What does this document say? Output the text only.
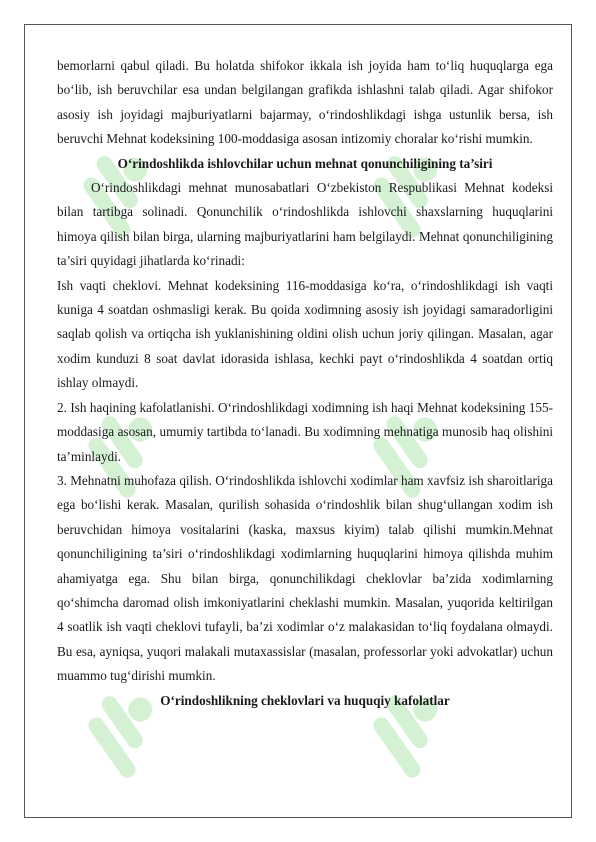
bemorlarni qabul qiladi. Bu holatda shifokor ikkala ish joyida ham to‘liq huquqlarga ega bo‘lib, ish beruvchilar esa undan belgilangan grafikda ishlashni talab qiladi. Agar shifokor asosiy ish joyidagi majburiyatlarni bajarmay, o‘rindoshlikdagi ishga ustunlik bersa, ish beruvchi Mehnat kodeksining 100-moddasiga asosan intizomiy choralar ko‘rishi mumkin.

O‘rindoshlikda ishlovchilar uchun mehnat qonunchiligining ta’siri

O‘rindoshlikdagi mehnat munosabatlari O‘zbekiston Respublikasi Mehnat kodeksi bilan tartibga solinadi. Qonunchilik o‘rindoshlikda ishlovchi shaxslarning huquqlarini himoya qilish bilan birga, ularning majburiyatlarini ham belgilaydi. Mehnat qonunchiligining ta’siri quyidagi jihatlarda ko‘rinadi:

Ish vaqti cheklovi. Mehnat kodeksining 116-moddasiga ko‘ra, o‘rindoshlikdagi ish vaqti kuniga 4 soatdan oshmasligi kerak. Bu qoida xodimning asosiy ish joyidagi samaradorligini saqlab qolish va ortiqcha ish yuklanishining oldini olish uchun joriy qilingan. Masalan, agar xodim kunduzi 8 soat davlat idorasida ishlasa, kechki payt o‘rindoshlikda 4 soatdan ortiq ishlay olmaydi.

2. Ish haqining kafolatlanishi. O‘rindoshlikdagi xodimning ish haqi Mehnat kodeksining 155-moddasiga asosan, umumiy tartibda to‘lanadi. Bu xodimning mehnatiga munosib haq olishini ta’minlaydi.

3. Mehnatni muhofaza qilish. O‘rindoshlikda ishlovchi xodimlar ham xavfsiz ish sharoitlariga ega bo‘lishi kerak. Masalan, qurilish sohasida o‘rindoshlik bilan shug‘ullangan xodim ish beruvchidan himoya vositalarini (kaska, maxsus kiyim) talab qilishi mumkin.Mehnat qonunchiligining ta’siri o‘rindoshlikdagi xodimlarning huquqlarini himoya qilishda muhim ahamiyatga ega. Shu bilan birga, qonunchilikdagi cheklovlar ba’zida xodimlarning qo‘shimcha daromad olish imkoniyatlarini cheklashi mumkin. Masalan, yuqorida keltirilgan 4 soatlik ish vaqti cheklovi tufayli, ba’zi xodimlar o‘z malakasidan to‘liq foydalana olmaydi. Bu esa, ayniqsa, yuqori malakali mutaxassislar (masalan, professorlar yoki advokatlar) uchun muammo tug‘dirishi mumkin.

O‘rindoshlikning cheklovlari va huquqiy kafolatlar
